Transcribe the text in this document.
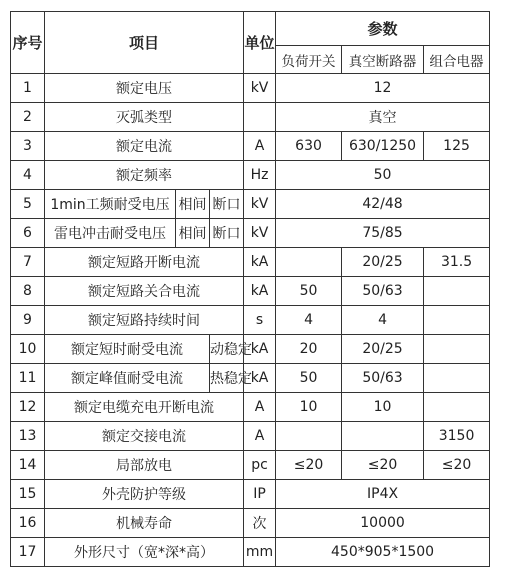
序号	项目			单位	参数		
					负荷开关	真空断路器	组合电器
1	额定电压			kV	12		
2	灭弧类型				真空		
3	额定电流			A	630	630/1250	125
4	额定频率			Hz	50		
5	1min工频耐受电压	相间	断口	kV	42/48		
6	雷电冲击耐受电压	相间	断口	kV	75/85		
7	额定短路开断电流			kA		20/25	31.5
8	额定短路关合电流			kA	50	50/63	
9	额定短路持续时间			s	4	4	
10	额定短时耐受电流		动稳定	kA	20	20/25	
11	额定峰值耐受电流		热稳定	kA	50	50/63	
12	额定电缆充电开断电流			A	10	10	
13	额定交接电流			A			3150
14	局部放电			pc	≤20	≤20	≤20
15	外壳防护等级			IP	IP4X		
16	机械寿命			次	10000		
17	外形尺寸（宽*深*高）			mm	450*905*1500		
